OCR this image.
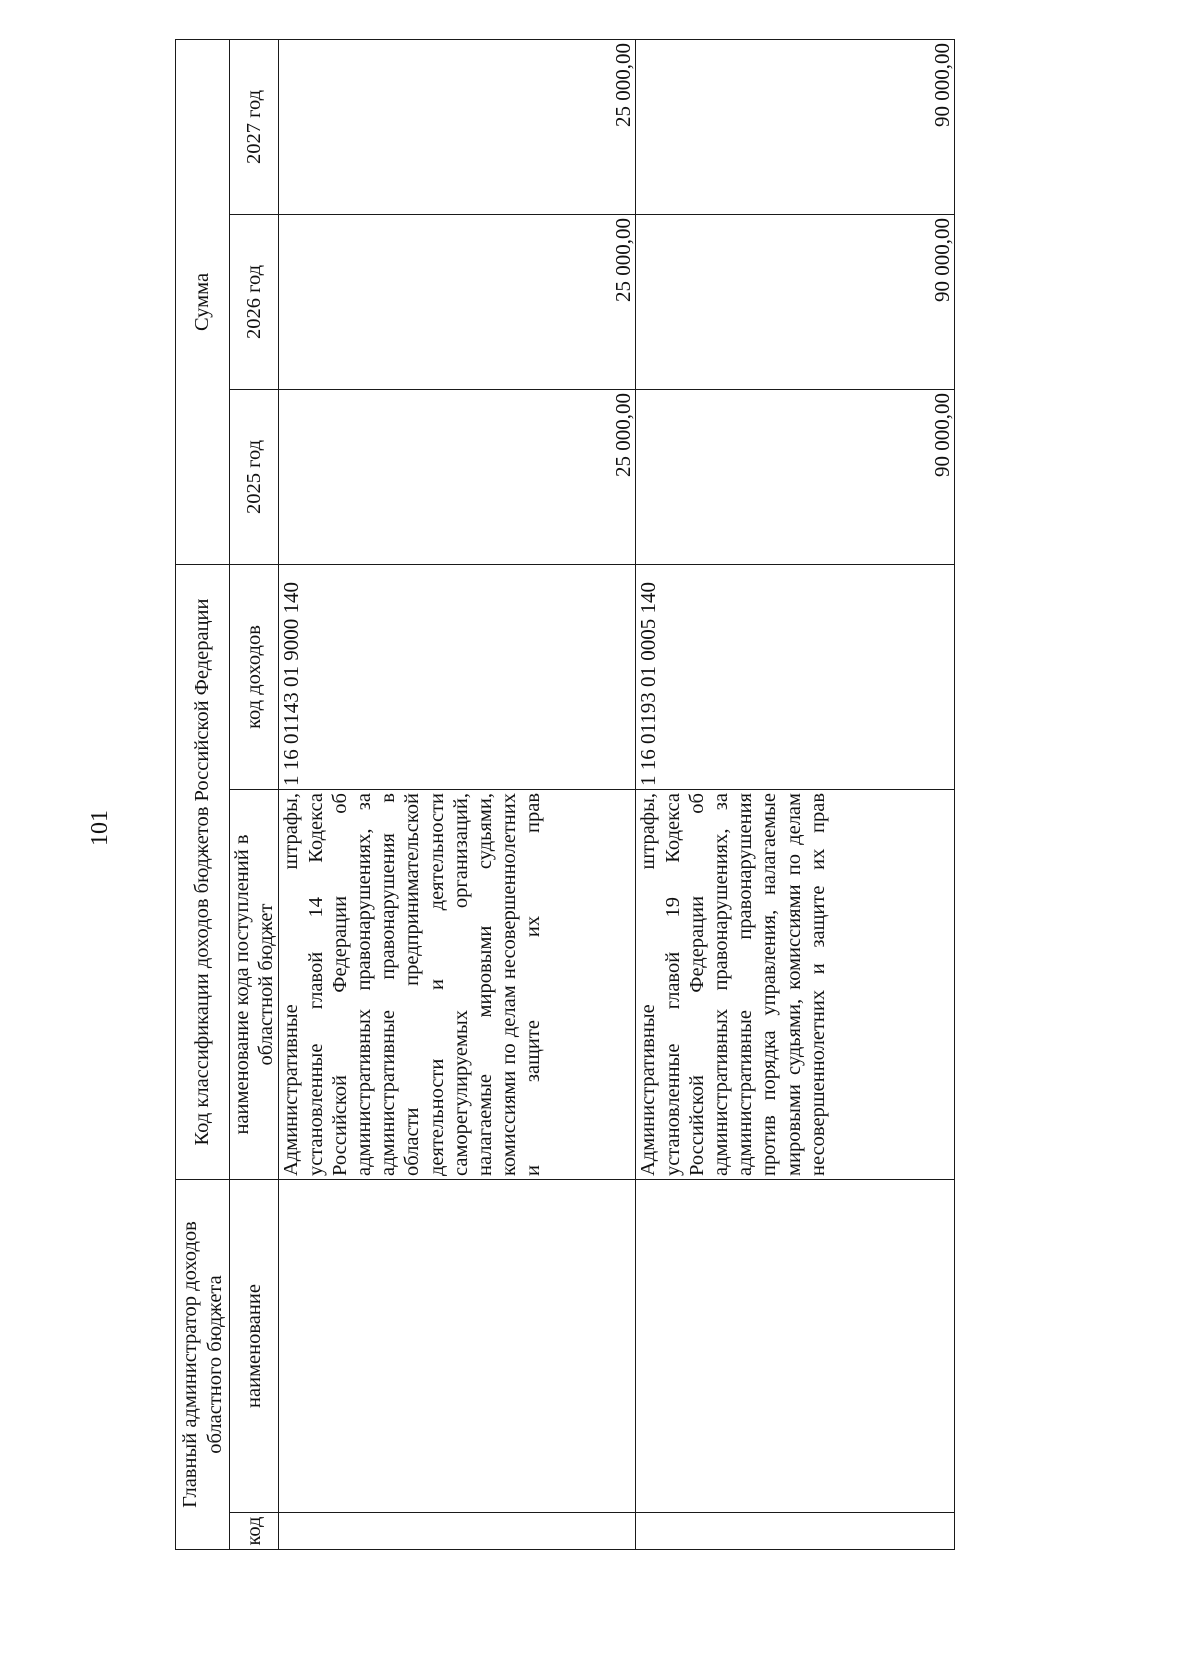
101
Главный администратор доходов областного бюджета		Код классификации доходов бюджетов Российской Федерации		Сумма		
код	наименование	наименование кода поступлений в областной бюджет	код доходов	2025 год	2026 год	2027 год
		Административные штрафы, установленные главой 14 Кодекса Российской Федерации об административных правонарушениях, за административные правонарушения в области предпринимательской деятельности и деятельности саморегулируемых организаций, налагаемые мировыми судьями, комиссиями по делам несовершеннолетних и защите их прав	1 16 01143 01 9000 140	25 000,00	25 000,00	25 000,00
		Административные штрафы, установленные главой 19 Кодекса Российской Федерации об административных правонарушениях, за административные правонарушения против порядка управления, налагаемые мировыми судьями, комиссиями по делам несовершеннолетних и защите их прав	1 16 01193 01 0005 140	90 000,00	90 000,00	90 000,00
